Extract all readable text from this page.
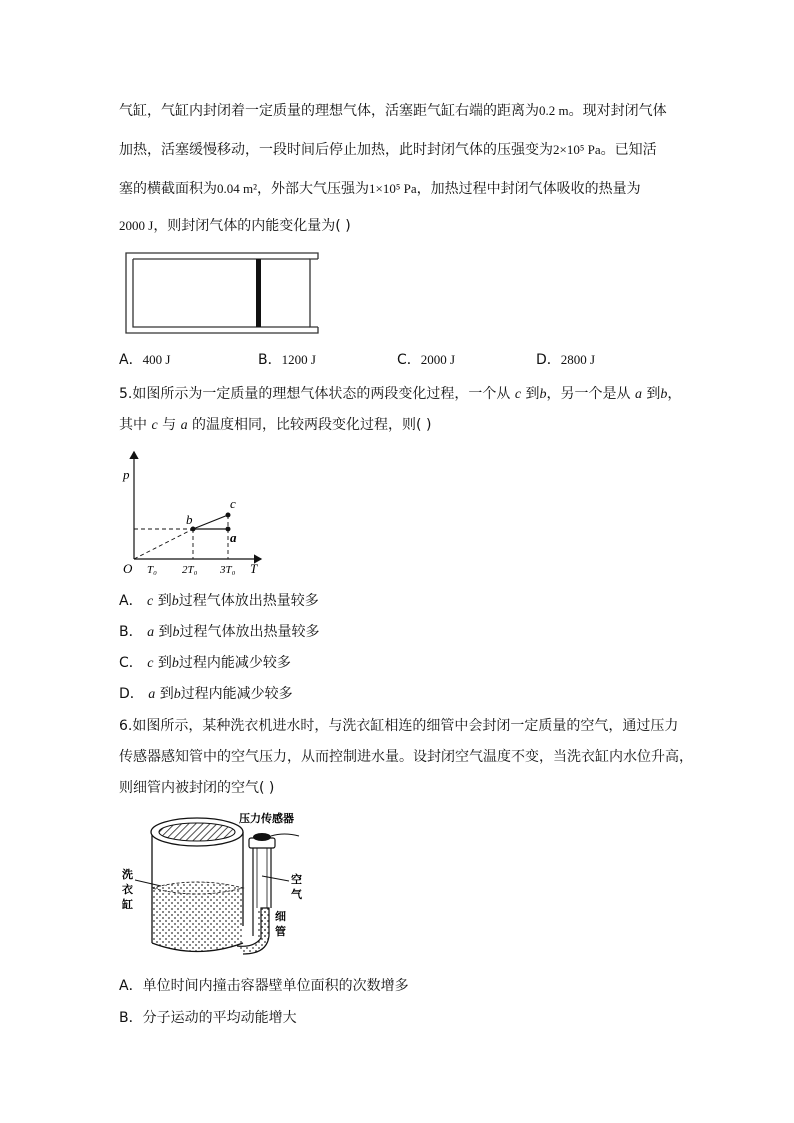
气缸，气缸内封闭着一定质量的理想气体，活塞距气缸右端的距离为0.2 m。现对封闭气体
加热，活塞缓慢移动，一段时间后停止加热，此时封闭气体的压强变为2×10⁵ Pa。已知活
塞的横截面积为0.04 m²，外部大气压强为1×10⁵ Pa，加热过程中封闭气体吸收的热量为
2000 J，则封闭气体的内能变化量为( )
A．400 J	B．1200 J	C．2000 J	D．2800 J
5.如图所示为一定质量的理想气体状态的两段变化过程，一个从 c 到b，另一个是从 a 到b，
其中 c 与 a 的温度相同，比较两段变化过程，则( )
p
T
O T₀ 2T₀ 3T₀
b
c
a
A． c 到b过程气体放出热量较多
B． a 到b过程气体放出热量较多
C． c 到b过程内能减少较多
D． a 到b过程内能减少较多
6.如图所示，某种洗衣机进水时，与洗衣缸相连的细管中会封闭一定质量的空气，通过压力
传感器感知管中的空气压力，从而控制进水量。设封闭空气温度不变，当洗衣缸内水位升高，
则细管内被封闭的空气( )
压力传感器
洗
衣
缸
空
气
细
管
A．单位时间内撞击容器壁单位面积的次数增多
B．分子运动的平均动能增大
